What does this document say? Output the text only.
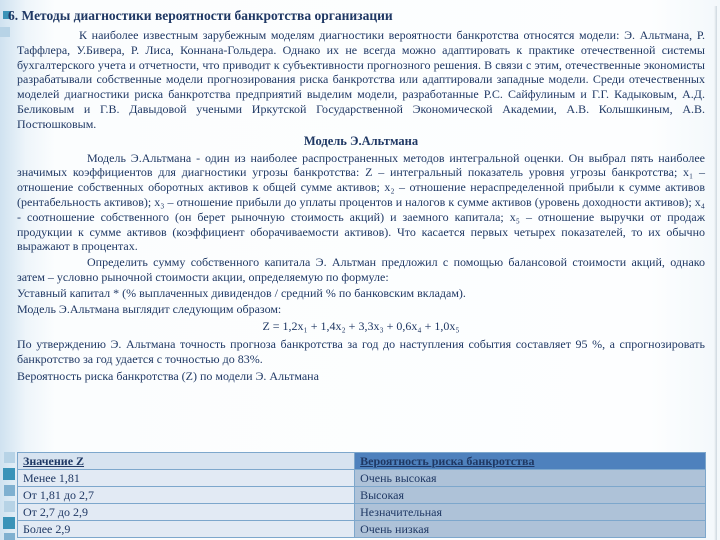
6. Методы диагностики вероятности банкротства организации

К наиболее известным зарубежным моделям диагностики вероятности банкротства относятся модели: Э. Альтмана, Р. Таффлера, У.Бивера, Р. Лиса, Коннана-Гольдера. Однако их не всегда можно адаптировать к практике отечественной системы бухгалтерского учета и отчетности, что приводит к субъективности прогнозного решения. В связи с этим, отечественные экономисты разрабатывали собственные модели прогнозирования риска банкротства или адаптировали западные модели. Среди отечественных моделей диагностики риска банкротства предприятий выделим модели, разработанные Р.С. Сайфулиным и Г.Г. Кадыковым, А.Д. Беликовым и Г.В. Давыдовой учеными Иркутской Государственной Экономической Академии, А.В. Колышкиным, А.В. Постюшковым.

Модель Э.Альтмана

Модель Э.Альтмана - один из наиболее распространенных методов интегральной оценки. Он выбрал пять наиболее значимых коэффициентов для диагностики угрозы банкротства: Z – интегральный показатель уровня угрозы банкротства; х₁ – отношение собственных оборотных активов к общей сумме активов; х₂ – отношение нераспределенной прибыли к сумме активов (рентабельность активов); х₃ – отношение прибыли до уплаты процентов и налогов к сумме активов (уровень доходности активов); х₄ - соотношение собственного (он берет рыночную стоимость акций) и заемного капитала; х₅ – отношение выручки от продаж продукции к сумме активов (коэффициент оборачиваемости активов). Что касается первых четырех показателей, то их обычно выражают в процентах.

Определить сумму собственного капитала Э. Альтман предложил с помощью балансовой стоимости акций, однако затем – условно рыночной стоимости акции, определяемую по формуле:

Уставный капитал * (% выплаченных дивидендов / средний % по банковским вкладам).

Модель Э.Альтмана выглядит следующим образом:

Z = 1,2х₁ + 1,4х₂ + 3,3х₃ + 0,6х₄ + 1,0х₅

По утверждению Э. Альтмана точность прогноза банкротства за год до наступления события составляет 95 %, а спрогнозировать банкротство за год удается с точностью до 83%.

Вероятность риска банкротства (Z) по модели Э. Альтмана

Значение Z	Вероятность риска банкротства
Менее 1,81	Очень высокая
От 1,81 до 2,7	Высокая
От 2,7 до 2,9	Незначительная
Более 2,9	Очень низкая
